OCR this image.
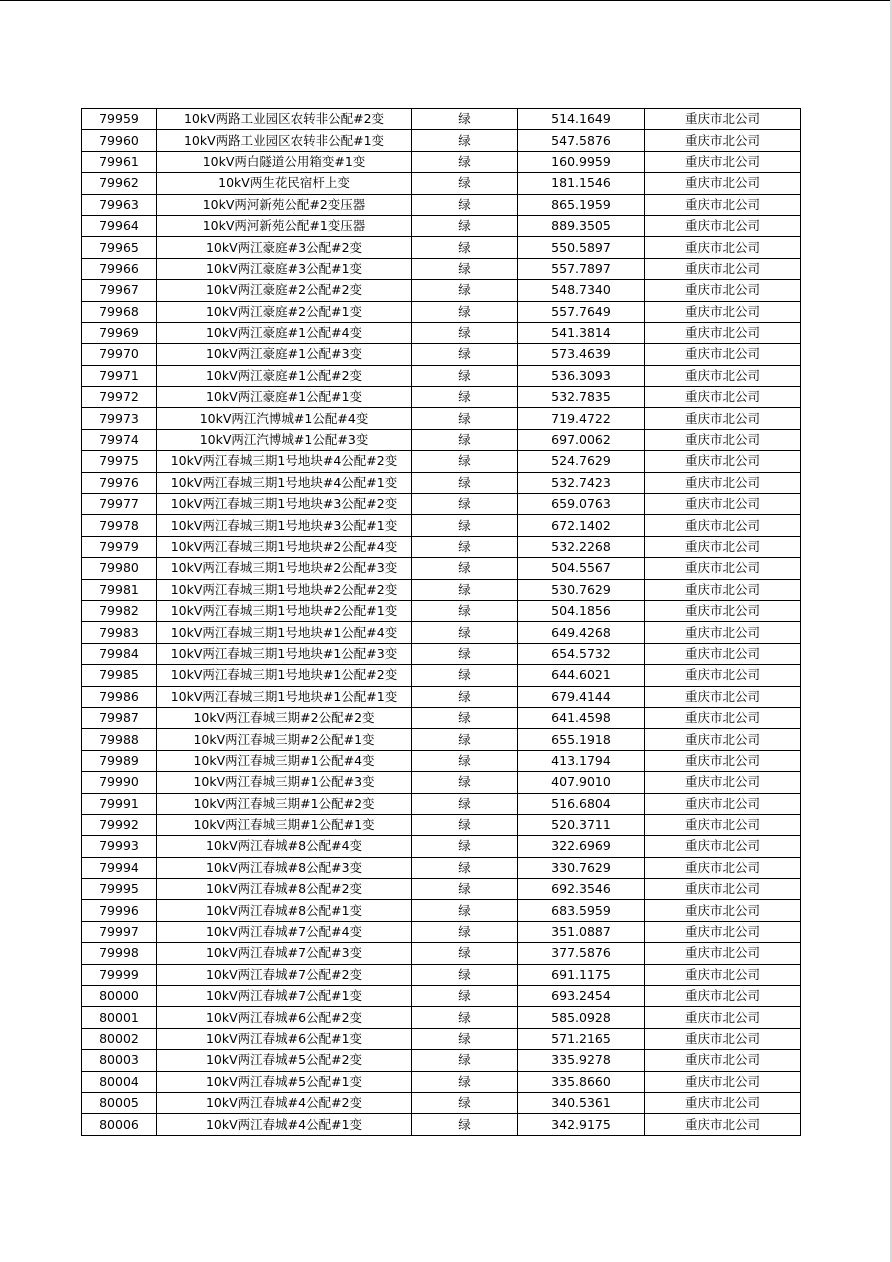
79959	10kV两路工业园区农转非公配#2变	绿	514.1649	重庆市北公司
79960	10kV两路工业园区农转非公配#1变	绿	547.5876	重庆市北公司
79961	10kV两白隧道公用箱变#1变	绿	160.9959	重庆市北公司
79962	10kV两生花民宿杆上变	绿	181.1546	重庆市北公司
79963	10kV两河新苑公配#2变压器	绿	865.1959	重庆市北公司
79964	10kV两河新苑公配#1变压器	绿	889.3505	重庆市北公司
79965	10kV两江豪庭#3公配#2变	绿	550.5897	重庆市北公司
79966	10kV两江豪庭#3公配#1变	绿	557.7897	重庆市北公司
79967	10kV两江豪庭#2公配#2变	绿	548.7340	重庆市北公司
79968	10kV两江豪庭#2公配#1变	绿	557.7649	重庆市北公司
79969	10kV两江豪庭#1公配#4变	绿	541.3814	重庆市北公司
79970	10kV两江豪庭#1公配#3变	绿	573.4639	重庆市北公司
79971	10kV两江豪庭#1公配#2变	绿	536.3093	重庆市北公司
79972	10kV两江豪庭#1公配#1变	绿	532.7835	重庆市北公司
79973	10kV两江汽博城#1公配#4变	绿	719.4722	重庆市北公司
79974	10kV两江汽博城#1公配#3变	绿	697.0062	重庆市北公司
79975	10kV两江春城三期1号地块#4公配#2变	绿	524.7629	重庆市北公司
79976	10kV两江春城三期1号地块#4公配#1变	绿	532.7423	重庆市北公司
79977	10kV两江春城三期1号地块#3公配#2变	绿	659.0763	重庆市北公司
79978	10kV两江春城三期1号地块#3公配#1变	绿	672.1402	重庆市北公司
79979	10kV两江春城三期1号地块#2公配#4变	绿	532.2268	重庆市北公司
79980	10kV两江春城三期1号地块#2公配#3变	绿	504.5567	重庆市北公司
79981	10kV两江春城三期1号地块#2公配#2变	绿	530.7629	重庆市北公司
79982	10kV两江春城三期1号地块#2公配#1变	绿	504.1856	重庆市北公司
79983	10kV两江春城三期1号地块#1公配#4变	绿	649.4268	重庆市北公司
79984	10kV两江春城三期1号地块#1公配#3变	绿	654.5732	重庆市北公司
79985	10kV两江春城三期1号地块#1公配#2变	绿	644.6021	重庆市北公司
79986	10kV两江春城三期1号地块#1公配#1变	绿	679.4144	重庆市北公司
79987	10kV两江春城三期#2公配#2变	绿	641.4598	重庆市北公司
79988	10kV两江春城三期#2公配#1变	绿	655.1918	重庆市北公司
79989	10kV两江春城三期#1公配#4变	绿	413.1794	重庆市北公司
79990	10kV两江春城三期#1公配#3变	绿	407.9010	重庆市北公司
79991	10kV两江春城三期#1公配#2变	绿	516.6804	重庆市北公司
79992	10kV两江春城三期#1公配#1变	绿	520.3711	重庆市北公司
79993	10kV两江春城#8公配#4变	绿	322.6969	重庆市北公司
79994	10kV两江春城#8公配#3变	绿	330.7629	重庆市北公司
79995	10kV两江春城#8公配#2变	绿	692.3546	重庆市北公司
79996	10kV两江春城#8公配#1变	绿	683.5959	重庆市北公司
79997	10kV两江春城#7公配#4变	绿	351.0887	重庆市北公司
79998	10kV两江春城#7公配#3变	绿	377.5876	重庆市北公司
79999	10kV两江春城#7公配#2变	绿	691.1175	重庆市北公司
80000	10kV两江春城#7公配#1变	绿	693.2454	重庆市北公司
80001	10kV两江春城#6公配#2变	绿	585.0928	重庆市北公司
80002	10kV两江春城#6公配#1变	绿	571.2165	重庆市北公司
80003	10kV两江春城#5公配#2变	绿	335.9278	重庆市北公司
80004	10kV两江春城#5公配#1变	绿	335.8660	重庆市北公司
80005	10kV两江春城#4公配#2变	绿	340.5361	重庆市北公司
80006	10kV两江春城#4公配#1变	绿	342.9175	重庆市北公司
